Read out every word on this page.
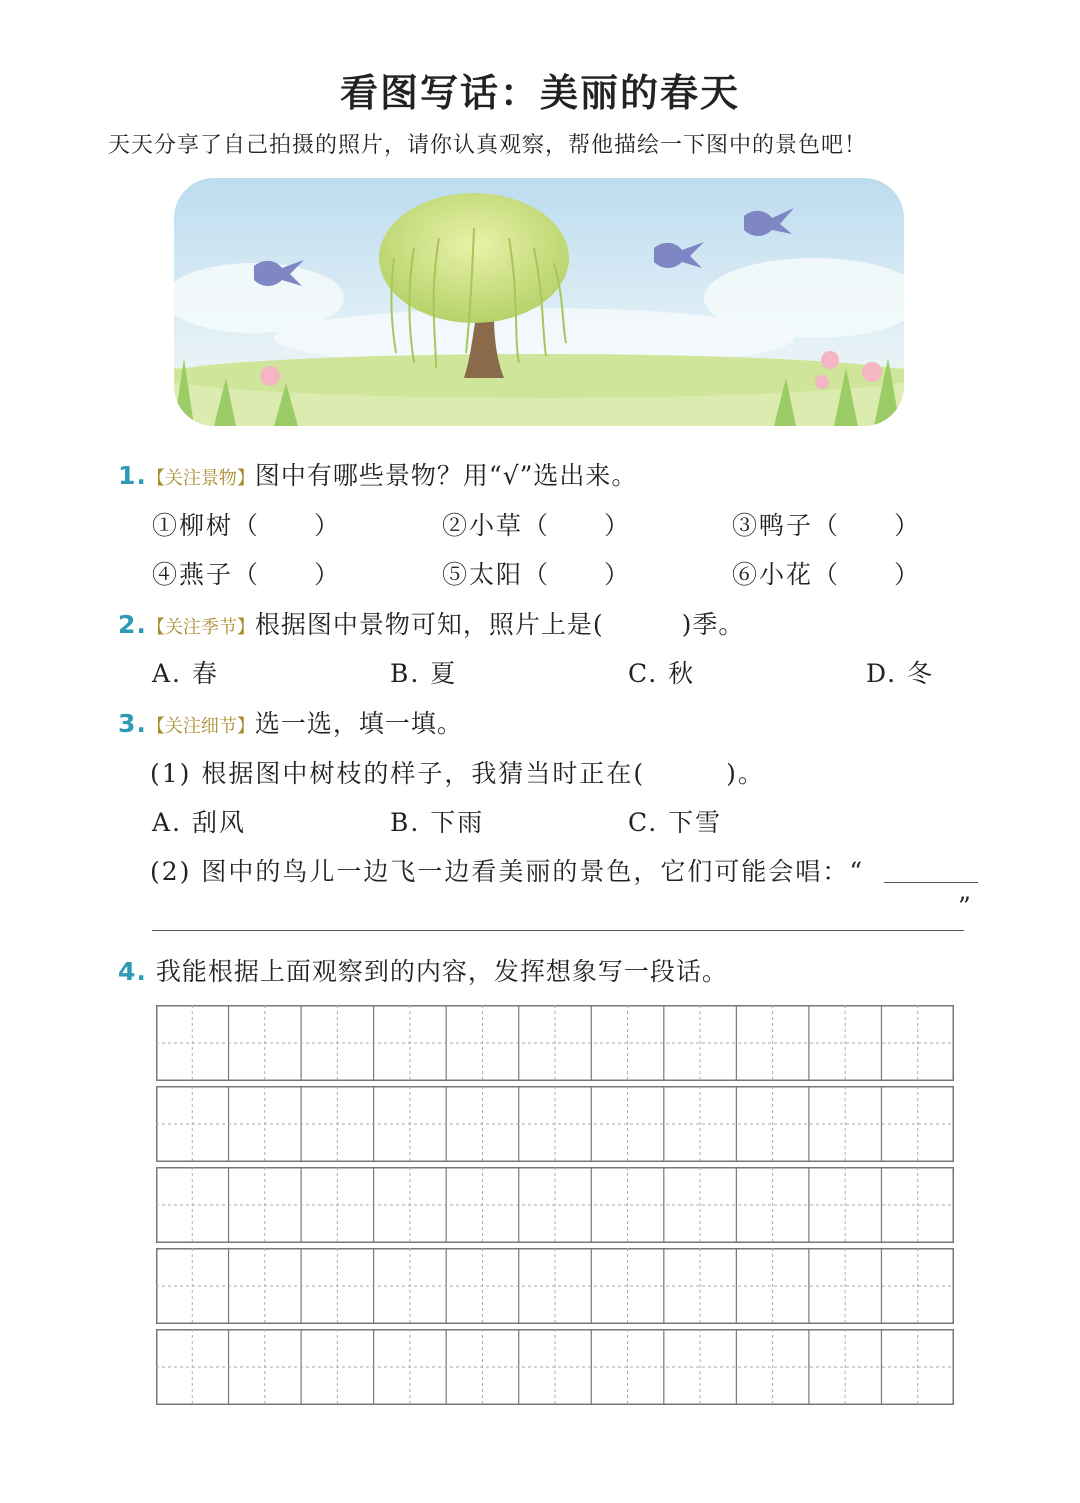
看图写话：美丽的春天
天天分享了自己拍摄的照片，请你认真观察，帮他描绘一下图中的景色吧！
1.【关注景物】图中有哪些景物？用“√”选出来。
①柳树（　　）	②小草（　　）	③鸭子（　　）
④燕子（　　）	⑤太阳（　　）	⑥小花（　　）
2.【关注季节】根据图中景物可知，照片上是(　　　)季。
A. 春	B. 夏	C. 秋	D. 冬
3.【关注细节】选一选，填一填。
(1) 根据图中树枝的样子，我猜当时正在(　　　)。
A. 刮风	B. 下雨	C. 下雪
(2) 图中的鸟儿一边飞一边看美丽的景色，它们可能会唱：“
”
4. 我能根据上面观察到的内容，发挥想象写一段话。
